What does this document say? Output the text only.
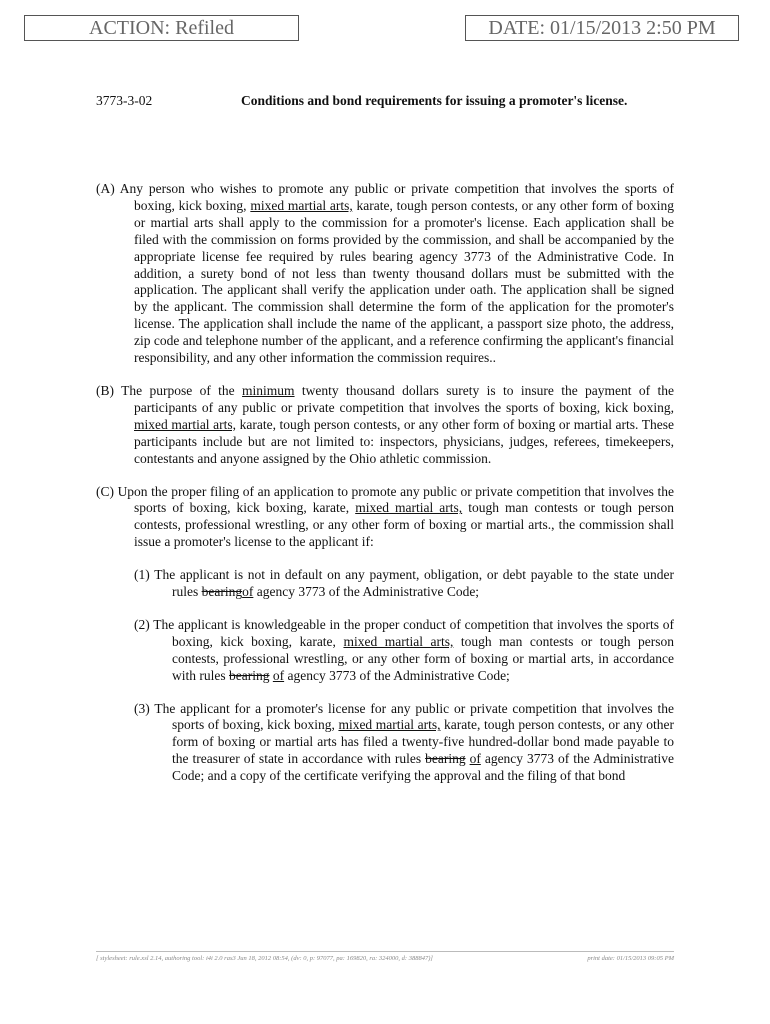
ACTION: Refiled	DATE: 01/15/2013 2:50 PM
3773-3-02	Conditions and bond requirements for issuing a promoter's license.

(A) Any person who wishes to promote any public or private competition that involves the sports of boxing, kick boxing, mixed martial arts, karate, tough person contests, or any other form of boxing or martial arts shall apply to the commission for a promoter's license. Each application shall be filed with the commission on forms provided by the commission, and shall be accompanied by the appropriate license fee required by rules bearing agency 3773 of the Administrative Code. In addition, a surety bond of not less than twenty thousand dollars must be submitted with the application. The applicant shall verify the application under oath. The application shall be signed by the applicant. The commission shall determine the form of the application for the promoter's license. The application shall include the name of the applicant, a passport size photo, the address, zip code and telephone number of the applicant, and a reference confirming the applicant's financial responsibility, and any other information the commission requires..

(B) The purpose of the minimum twenty thousand dollars surety is to insure the payment of the participants of any public or private competition that involves the sports of boxing, kick boxing, mixed martial arts, karate, tough person contests, or any other form of boxing or martial arts. These participants include but are not limited to: inspectors, physicians, judges, referees, timekeepers, contestants and anyone assigned by the Ohio athletic commission.

(C) Upon the proper filing of an application to promote any public or private competition that involves the sports of boxing, kick boxing, karate, mixed martial arts, tough man contests or tough person contests, professional wrestling, or any other form of boxing or martial arts., the commission shall issue a promoter's license to the applicant if:

(1) The applicant is not in default on any payment, obligation, or debt payable to the state under rules bearingof agency 3773 of the Administrative Code;

(2) The applicant is knowledgeable in the proper conduct of competition that involves the sports of boxing, kick boxing, karate, mixed martial arts, tough man contests or tough person contests, professional wrestling, or any other form of boxing or martial arts, in accordance with rules bearing of agency 3773 of the Administrative Code;

(3) The applicant for a promoter's license for any public or private competition that involves the sports of boxing, kick boxing, mixed martial arts, karate, tough person contests, or any other form of boxing or martial arts has filed a twenty-five hundred-dollar bond made payable to the treasurer of state in accordance with rules bearing of agency 3773 of the Administrative Code; and a copy of the certificate verifying the approval and the filing of that bond

[ stylesheet: rule.xsl 2.14, authoring tool: i4i 2.0 ras3 Jun 18, 2012 08:54, (dv: 0, p: 97077, pa: 169820, ra: 324000, d: 388847)]	print date: 01/15/2013 09:05 PM
